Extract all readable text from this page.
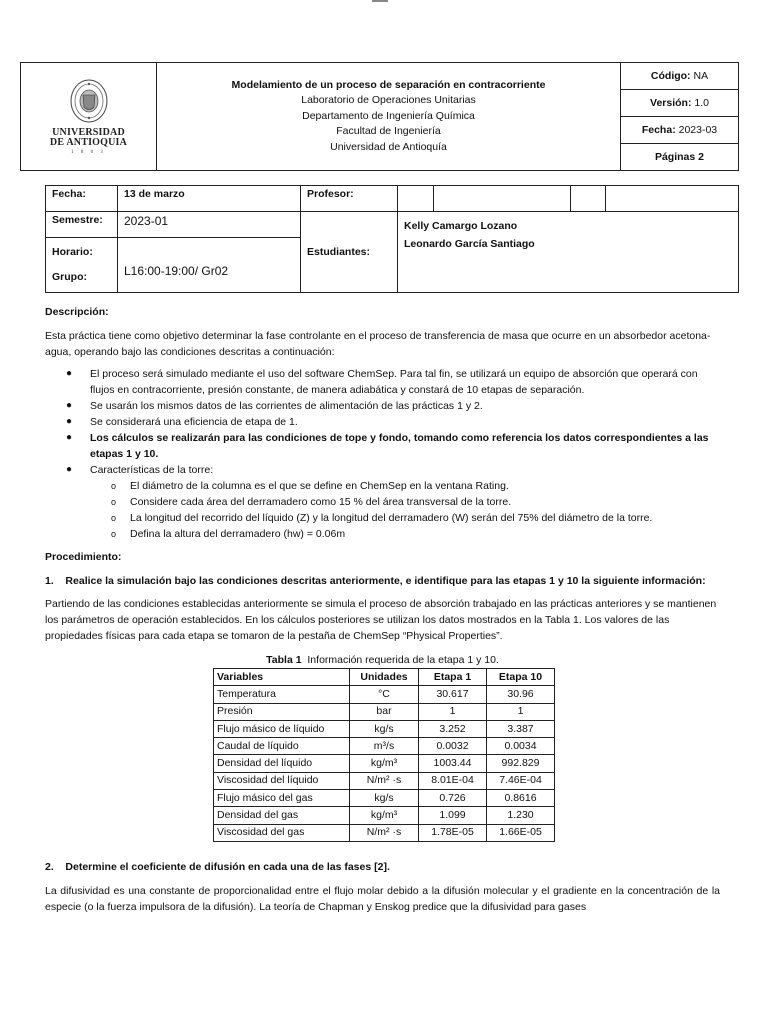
UNIVERSIDAD
DE ANTIOQUIA
1 8 0 3

Modelamiento de un proceso de separación en contracorriente
Laboratorio de Operaciones Unitarias
Departamento de Ingeniería Química
Facultad de Ingeniería
Universidad de Antioquía
	Código: NA
Versión: 1.0
Fecha: 2023-03
Páginas 2
Fecha:	13 de marzo	Profesor:				
Semestre:	2023-01	Estudiantes:	Kelly Camargo Lozano
Leonardo García Santiago			

Horario:
Grupo:	L16:00-19:00/ Gr02					
Descripción:
Esta práctica tiene como objetivo determinar la fase controlante en el proceso de transferencia de masa que ocurre en un absorbedor acetona-agua, operando bajo las condiciones descritas a continuación:
● El proceso será simulado mediante el uso del software ChemSep. Para tal fin, se utilizará un equipo de absorción que operará con flujos en contracorriente, presión constante, de manera adiabática y constará de 10 etapas de separación.
● Se usarán los mismos datos de las corrientes de alimentación de las prácticas 1 y 2.
● Se considerará una eficiencia de etapa de 1.
● Los cálculos se realizarán para las condiciones de tope y fondo, tomando como referencia los datos correspondientes a las etapas 1 y 10.
● Características de la torre:
o El diámetro de la columna es el que se define en ChemSep en la ventana Rating.
o Considere cada área del derramadero como 15 % del área transversal de la torre.
o La longitud del recorrido del líquido (Z) y la longitud del derramadero (W) serán del 75% del diámetro de la torre.
o Defina la altura del derramadero (hw) = 0.06m
Procedimiento:
1.    Realice la simulación bajo las condiciones descritas anteriormente, e identifique para las etapas 1 y 10 la siguiente información:
Partiendo de las condiciones establecidas anteriormente se simula el proceso de absorción trabajado en las prácticas anteriores y se mantienen los parámetros de operación establecidos. En los cálculos posteriores se utilizan los datos mostrados en la Tabla 1. Los valores de las propiedades físicas para cada etapa se tomaron de la pestaña de ChemSep “Physical Properties”.
Tabla 1 Información requerida de la etapa 1 y 10.
Variables	Unidades	Etapa 1	Etapa 10
Temperatura	°C	30.617	30.96
Presión	bar	1	1
Flujo másico de líquido	kg/s	3.252	3.387
Caudal de líquido	m³/s	0.0032	0.0034
Densidad del líquido	kg/m³	1003.44	992.829
Viscosidad del líquido	N/m² ·s	8.01E-04	7.46E-04
Flujo másico del gas	kg/s	0.726	0.8616
Densidad del gas	kg/m³	1.099	1.230
Viscosidad del gas	N/m² ·s	1.78E-05	1.66E-05
2.    Determine el coeficiente de difusión en cada una de las fases [2].
La difusividad es una constante de proporcionalidad entre el flujo molar debido a la difusión molecular y el gradiente en la concentración de la especie (o la fuerza impulsora de la difusión). La teoría de Chapman y Enskog predice que la difusividad para gases
